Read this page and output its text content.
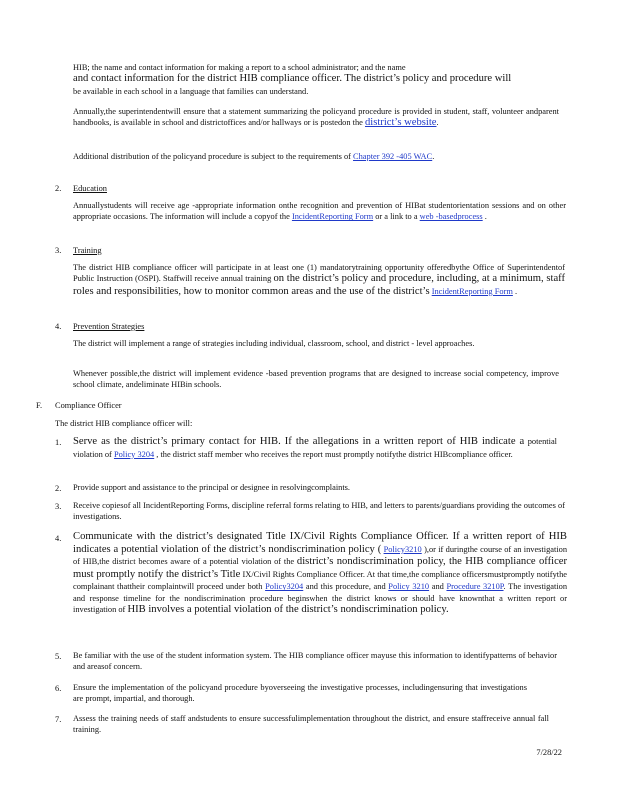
HIB; the name and contact information for making a report to a school administrator; and the name
and contact information for the district HIB compliance officer. The district’s policy and procedure will
be available in each school in a language that families can understand.

Annually,the superintendentwill ensure that a statement summarizing the policyand procedure is provided in student, staff, volunteer andparent handbooks, is available in school and districtoffices and/or hallways or is postedon the district’s website.

Additional distribution of the policyand procedure is subject to the requirements of Chapter 392 -405 WAC.

2. Education

Annuallystudents will receive age -appropriate information onthe recognition and prevention of HIBat studentorientation sessions and on other appropriate occasions. The information will include a copyof the IncidentReporting Form or a link to a web -basedprocess .

3. Training

The district HIB compliance officer will participate in at least one (1) mandatorytraining opportunity offeredbythe Office of Superintendentof Public Instruction (OSPI). Staffwill receive annual training on the district’s policy and procedure, including, at a minimum, staff roles and responsibilities, how to monitor common areas and the use of the district’s IncidentReporting Form .

4. Prevention Strategies

The district will implement a range of strategies including individual, classroom, school, and district - level approaches.

Whenever possible,the district will implement evidence -based prevention programs that are designed to increase social competency, improve school climate, andeliminate HIBin schools.

F. Compliance Officer

The district HIB compliance officer will:

1. Serve as the district’s primary contact for HIB. If the allegations in a written report of HIB indicate a potential violation of Policy 3204 , the district staff member who receives the report must promptly notifythe district HIBcompliance officer.

2. Provide support and assistance to the principal or designee in resolvingcomplaints.

3. Receive copiesof all IncidentReporting Forms, discipline referral forms relating to HIB, and letters to parents/guardians providing the outcomes of investigations.

4. Communicate with the district’s designated Title IX/Civil Rights Compliance Officer. If a written report of HIB indicates a potential violation of the district’s nondiscrimination policy ( Policy3210 ),or if duringthe course of an investigation of HIB,the district becomes aware of a potential violation of the district’s nondiscrimination policy, the HIB compliance officer must promptly notify the district’s Title IX/Civil Rights Compliance Officer. At that time,the compliance officersmustpromptly notifythe complainant thattheir complaintwill proceed under both Policy3204 and this procedure, and Policy 3210 and Procedure 3210P. The investigation and response timeline for the nondiscrimination procedure beginswhen the district knows or should have knownthat a written report or investigation of HIB involves a potential violation of the district’s nondiscrimination policy.

5. Be familiar with the use of the student information system. The HIB compliance officer mayuse this information to identifypatterns of behavior and areasof concern.

6. Ensure the implementation of the policyand procedure byoverseeing the investigative processes, includingensuring that investigations are prompt, impartial, and thorough.

7. Assess the training needs of staff andstudents to ensure successfulimplementation throughout the district, and ensure staffreceive annual fall training.

7/28/22
